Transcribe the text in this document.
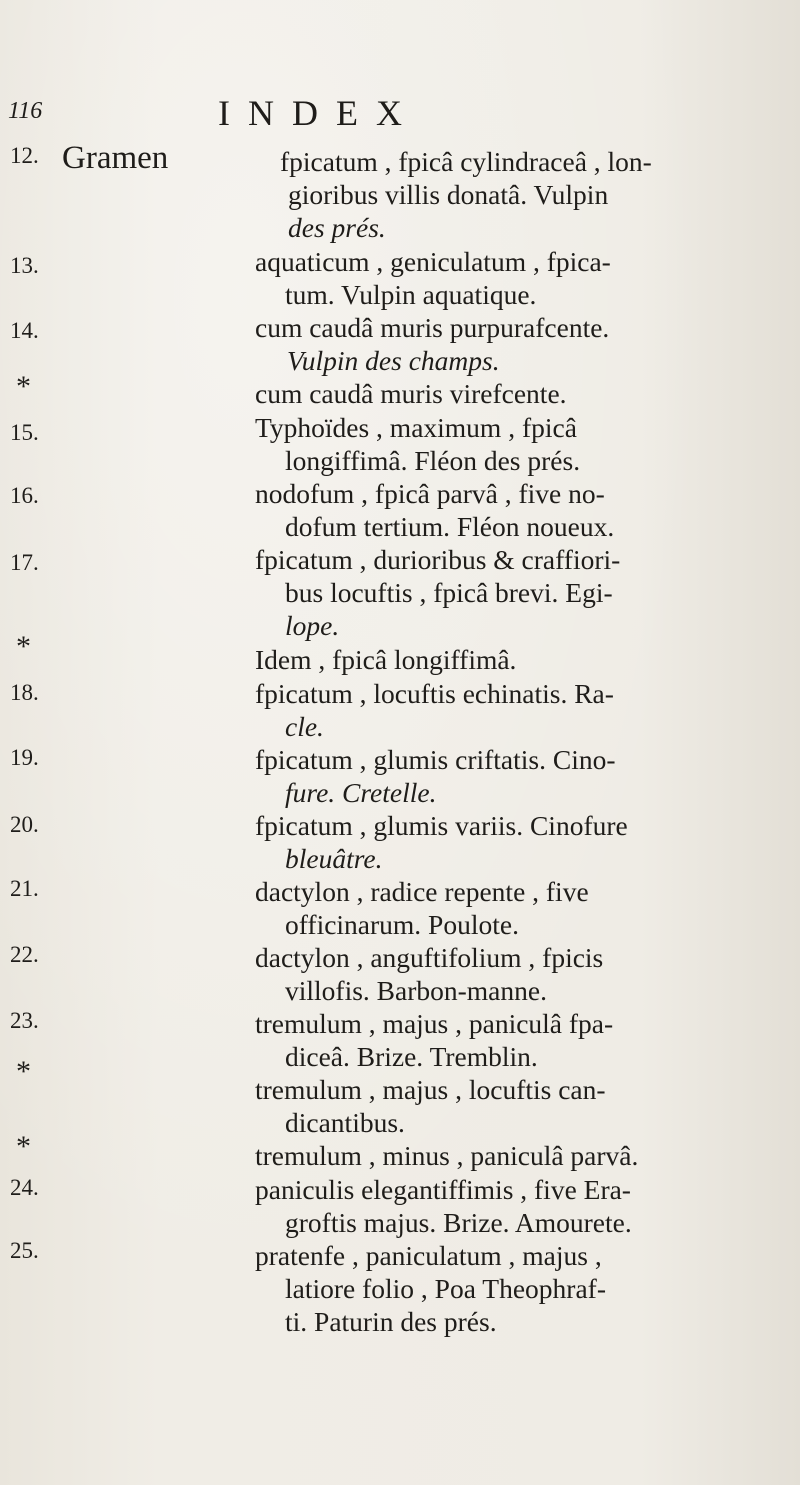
116	INDEX
Gramen
12.
13.
14.
*
15.
16.
17.
*
18.
19.
20.
21.
22.
23.
*
*
24.
25.
fpicatum , fpicâ cylindraceâ , lon-
gioribus villis donatâ. Vulpin
des prés.
aquaticum , geniculatum , fpica-
tum. Vulpin aquatique.
cum caudâ muris purpurafcente.
Vulpin des champs.
cum caudâ muris virefcente.
Typhoïdes , maximum , fpicâ
longiffimâ. Fléon des prés.
nodofum , fpicâ parvâ , five no-
dofum tertium. Fléon noueux.
fpicatum , durioribus & craffiori-
bus locuftis , fpicâ brevi. Egi-
lope.
Idem , fpicâ longiffimâ.
fpicatum , locuftis echinatis. Ra-
cle.
fpicatum , glumis criftatis. Cino-
fure. Cretelle.
fpicatum , glumis variis. Cinofure
bleuâtre.
dactylon , radice repente , five
officinarum. Poulote.
dactylon , anguftifolium , fpicis
villofis. Barbon-manne.
tremulum , majus , paniculâ fpa-
diceâ. Brize. Tremblin.
tremulum , majus , locuftis can-
dicantibus.
tremulum , minus , paniculâ parvâ.
paniculis elegantiffimis , five Era-
groftis majus. Brize. Amourete.
pratenfe , paniculatum , majus ,
latiore folio , Poa Theophraf-
ti. Paturin des prés.
